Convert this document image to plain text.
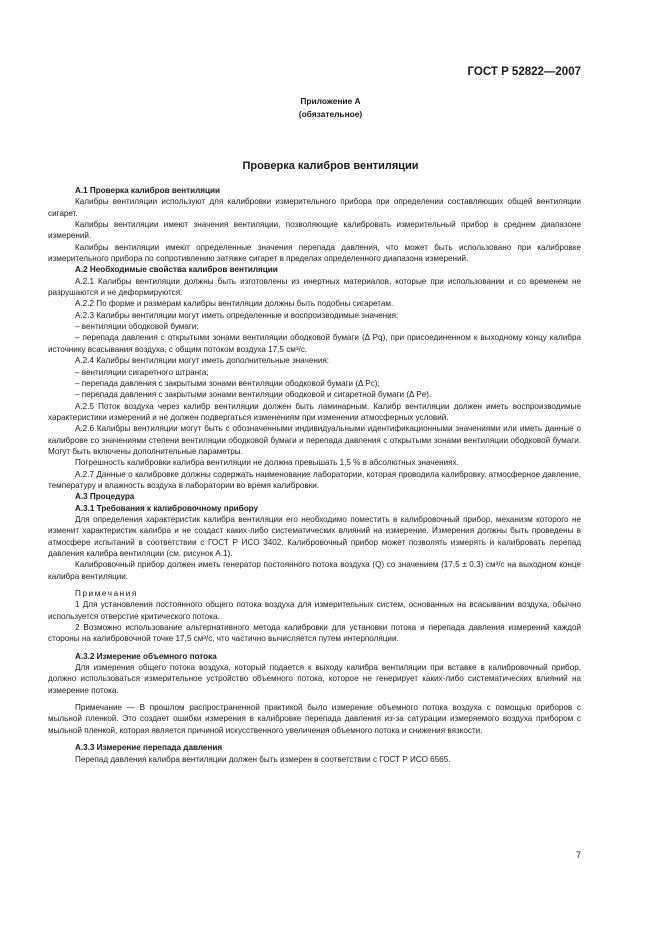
ГОСТ Р 52822—2007
Приложение А
(обязательное)
Проверка калибров вентиляции

А.1 Проверка калибров вентиляции

Калибры вентиляции используют для калибровки измерительного прибора при определении составляющих общей вентиляции сигарет.

Калибры вентиляции имеют значения вентиляции, позволяющие калибровать измерительный прибор в среднем диапазоне измерений.

Калибры вентиляции имеют определенные значения перепада давления, что может быть использовано при калибровке измерительного прибора по сопротивлению затяжке сигарет в пределах определенного диапазона измерений.

А.2 Необходимые свойства калибров вентиляции

А.2.1 Калибры вентиляции должны быть изготовлены из инертных материалов, которые при использовании и со временем не разрушаются и не деформируются.

А.2.2 По форме и размерам калибры вентиляции должны быть подобны сигаретам.

А.2.3 Калибры вентиляции могут иметь определенные и воспроизводимые значения:

– вентиляции ободковой бумаги;

– перепада давления с открытыми зонами вентиляции ободковой бумаги (Δ Pq), при присоединенном к выходному концу калибра источнику всасывания воздуха, с общим потоком воздуха 17,5 см³/с.

А.2.4 Калибры вентиляции могут иметь дополнительные значения:

– вентиляции сигаретного штранга;

– перепада давления с закрытыми зонами вентиляции ободковой бумаги (Δ Pc);

– перепада давления с закрытыми зонами вентиляции ободковой и сигаретной бумаги (Δ Pe).

А.2.5 Поток воздуха через калибр вентиляции должен быть ламинарным. Калибр вентиляции должен иметь воспроизводимые характеристики измерений и не должен подвергаться изменениям при изменении атмосферных условий.

А.2.6 Калибры вентиляции могут быть с обозначенными индивидуальными идентификационными значениями или иметь данные о калиброве со значениями степени вентиляции ободковой бумаги и перепада давления с открытыми зонами вентиляции ободковой бумаги. Могут быть включены дополнительные параметры.

Погрешность калибровки калибра вентиляции не должна превышать 1,5 % в абсолютных значениях.

А.2.7 Данные о калибровке должны содержать наименование лаборатории, которая проводила калибровку, атмосферное давление, температуру и влажность воздуха в лаборатории во время калибровки.

А.3 Процедура

А.3.1 Требования к калибровочному прибору

Для определения характеристик калибра вентиляции его необходимо поместить в калибровочный прибор, механизм которого не изменит характеристик калибра и не создаст каких-либо систематических влияний на измерение. Измерения должны быть проведены в атмосфере испытаний в соответствии с ГОСТ Р ИСО 3402. Калибровочный прибор может позволять измерять и калибровать перепад давления калибра вентиляции (см. рисунок А.1).

Калибровочный прибор должен иметь генератор постоянного потока воздуха (Q) со значением (17,5 ± 0,3) см³/с на выходном конце калибра вентиляции.

Примечания

1 Для установления постоянного общего потока воздуха для измерительных систем, основанных на всасывании воздуха, обычно используется отверстие критического потока.

2 Возможно использование альтернативного метода калибровки для установки потока и перепада давления измерений каждой стороны на калибровочной точке 17,5 см³/с, что частично вычисляется путем интерполяции.

А.3.2 Измерение объемного потока

Для измерения общего потока воздуха, который подается к выходу калибра вентиляции при вставке в калибровочный прибор, должно использоваться измерительное устройство объемного потока, которое не генерирует каких-либо систематических влияний на измерение потока.

Примечание — В прошлом распространенной практикой было измерение объемного потока воздуха с помощью приборов с мыльной пленкой. Это создает ошибки измерения в калибровке перепада давления из-за сатурации измеряемого воздуха прибором с мыльной пленкой, которая является причиной искусственного увеличения объемного потока и снижения вязкости.

А.3.3 Измерение перепада давления

Перепад давления калибра вентиляции должен быть измерен в соответствии с ГОСТ Р ИСО 6565.

7
